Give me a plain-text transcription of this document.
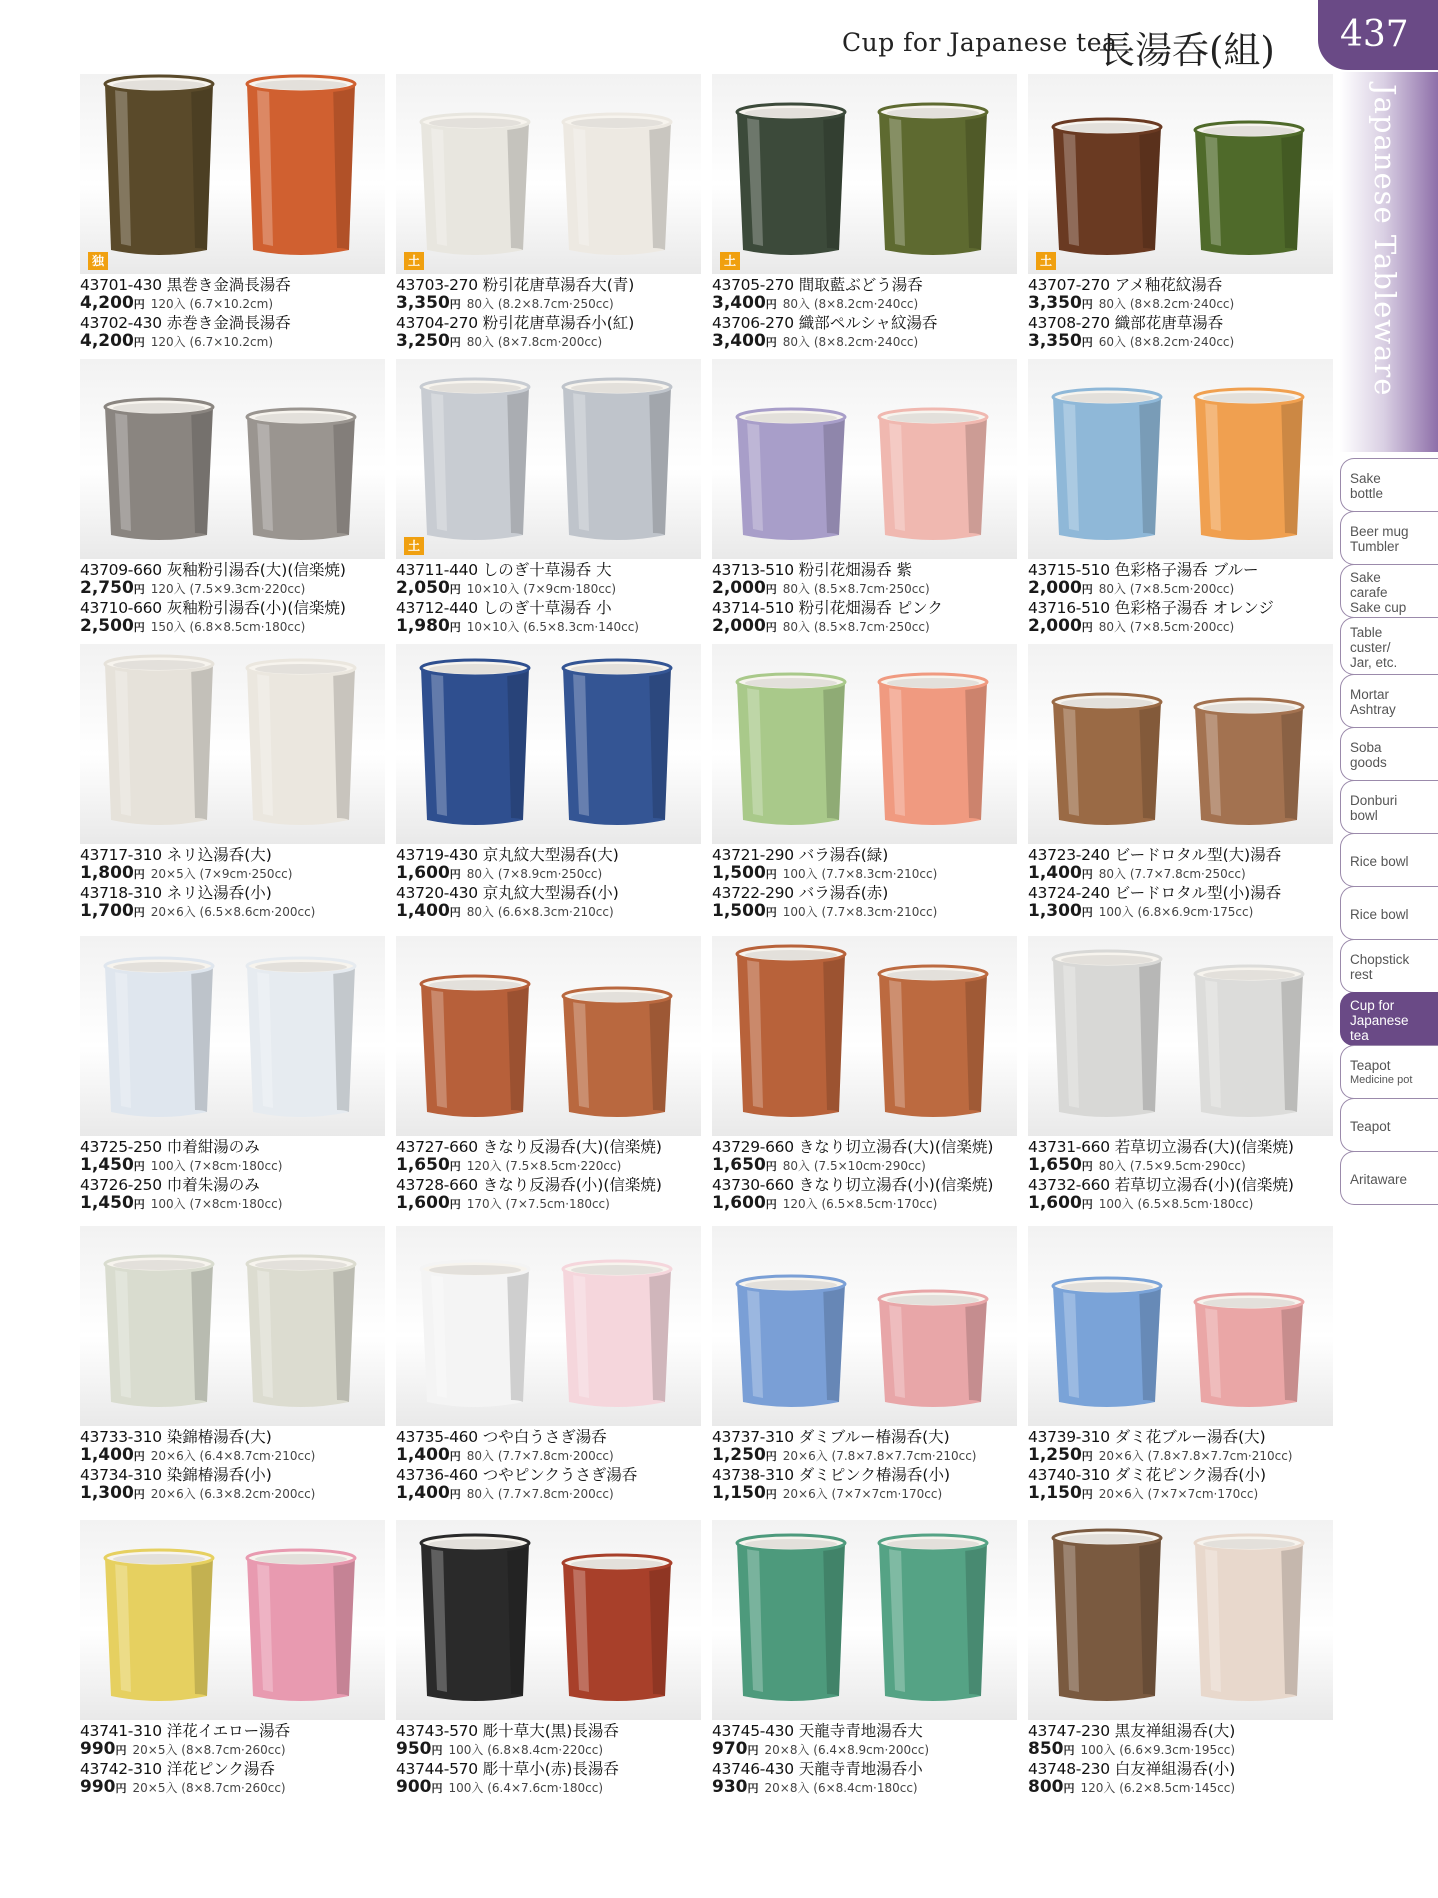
Cup for Japanese tea
長湯呑(組) 437
Japanese Tableware
Sake
bottle
Beer mug
Tumbler
Sake
carafe
Sake cup
Table
custer/
Jar, etc.
Mortar
Ashtray
Soba
goods
Donburi
bowl
Rice bowl
Rice bowl
Chopstick
rest
Cup for
Japanese
tea
Teapot
Medicine pot
Teapot
Aritaware
独
43701-430 黒巻き金渦長湯呑
4,200円 120入 (6.7×10.2cm)
43702-430 赤巻き金渦長湯呑
4,200円 120入 (6.7×10.2cm)
土
43703-270 粉引花唐草湯呑大(青)
3,350円 80入 (8.2×8.7cm·250cc)
43704-270 粉引花唐草湯呑小(紅)
3,250円 80入 (8×7.8cm·200cc)
土
43705-270 間取藍ぶどう湯呑
3,400円 80入 (8×8.2cm·240cc)
43706-270 織部ペルシャ紋湯呑
3,400円 80入 (8×8.2cm·240cc)
土
43707-270 アメ釉花紋湯呑
3,350円 80入 (8×8.2cm·240cc)
43708-270 織部花唐草湯呑
3,350円 60入 (8×8.2cm·240cc)
43709-660 灰釉粉引湯呑(大)(信楽焼)
2,750円 120入 (7.5×9.3cm·220cc)
43710-660 灰釉粉引湯呑(小)(信楽焼)
2,500円 150入 (6.8×8.5cm·180cc)
土
43711-440 しのぎ十草湯呑 大
2,050円 10×10入 (7×9cm·180cc)
43712-440 しのぎ十草湯呑 小
1,980円 10×10入 (6.5×8.3cm·140cc)
43713-510 粉引花畑湯呑 紫
2,000円 80入 (8.5×8.7cm·250cc)
43714-510 粉引花畑湯呑 ピンク
2,000円 80入 (8.5×8.7cm·250cc)
43715-510 色彩格子湯呑 ブルー
2,000円 80入 (7×8.5cm·200cc)
43716-510 色彩格子湯呑 オレンジ
2,000円 80入 (7×8.5cm·200cc)
43717-310 ネリ込湯呑(大)
1,800円 20×5入 (7×9cm·250cc)
43718-310 ネリ込湯呑(小)
1,700円 20×6入 (6.5×8.6cm·200cc)
43719-430 京丸紋大型湯呑(大)
1,600円 80入 (7×8.9cm·250cc)
43720-430 京丸紋大型湯呑(小)
1,400円 80入 (6.6×8.3cm·210cc)
43721-290 バラ湯呑(緑)
1,500円 100入 (7.7×8.3cm·210cc)
43722-290 バラ湯呑(赤)
1,500円 100入 (7.7×8.3cm·210cc)
43723-240 ビードロタル型(大)湯呑
1,400円 80入 (7.7×7.8cm·250cc)
43724-240 ビードロタル型(小)湯呑
1,300円 100入 (6.8×6.9cm·175cc)
43725-250 巾着紺湯のみ
1,450円 100入 (7×8cm·180cc)
43726-250 巾着朱湯のみ
1,450円 100入 (7×8cm·180cc)
43727-660 きなり反湯呑(大)(信楽焼)
1,650円 120入 (7.5×8.5cm·220cc)
43728-660 きなり反湯呑(小)(信楽焼)
1,600円 170入 (7×7.5cm·180cc)
43729-660 きなり切立湯呑(大)(信楽焼)
1,650円 80入 (7.5×10cm·290cc)
43730-660 きなり切立湯呑(小)(信楽焼)
1,600円 120入 (6.5×8.5cm·170cc)
43731-660 若草切立湯呑(大)(信楽焼)
1,650円 80入 (7.5×9.5cm·290cc)
43732-660 若草切立湯呑(小)(信楽焼)
1,600円 100入 (6.5×8.5cm·180cc)
43733-310 染錦椿湯呑(大)
1,400円 20×6入 (6.4×8.7cm·210cc)
43734-310 染錦椿湯呑(小)
1,300円 20×6入 (6.3×8.2cm·200cc)
43735-460 つや白うさぎ湯呑
1,400円 80入 (7.7×7.8cm·200cc)
43736-460 つやピンクうさぎ湯呑
1,400円 80入 (7.7×7.8cm·200cc)
43737-310 ダミブルー椿湯呑(大)
1,250円 20×6入 (7.8×7.8×7.7cm·210cc)
43738-310 ダミピンク椿湯呑(小)
1,150円 20×6入 (7×7×7cm·170cc)
43739-310 ダミ花ブルー湯呑(大)
1,250円 20×6入 (7.8×7.8×7.7cm·210cc)
43740-310 ダミ花ピンク湯呑(小)
1,150円 20×6入 (7×7×7cm·170cc)
43741-310 洋花イエロー湯呑
990円 20×5入 (8×8.7cm·260cc)
43742-310 洋花ピンク湯呑
990円 20×5入 (8×8.7cm·260cc)
43743-570 彫十草大(黒)長湯呑
950円 100入 (6.8×8.4cm·220cc)
43744-570 彫十草小(赤)長湯呑
900円 100入 (6.4×7.6cm·180cc)
43745-430 天龍寺青地湯呑大
970円 20×8入 (6.4×8.9cm·200cc)
43746-430 天龍寺青地湯呑小
930円 20×8入 (6×8.4cm·180cc)
43747-230 黒友禅組湯呑(大)
850円 100入 (6.6×9.3cm·195cc)
43748-230 白友禅組湯呑(小)
800円 120入 (6.2×8.5cm·145cc)
